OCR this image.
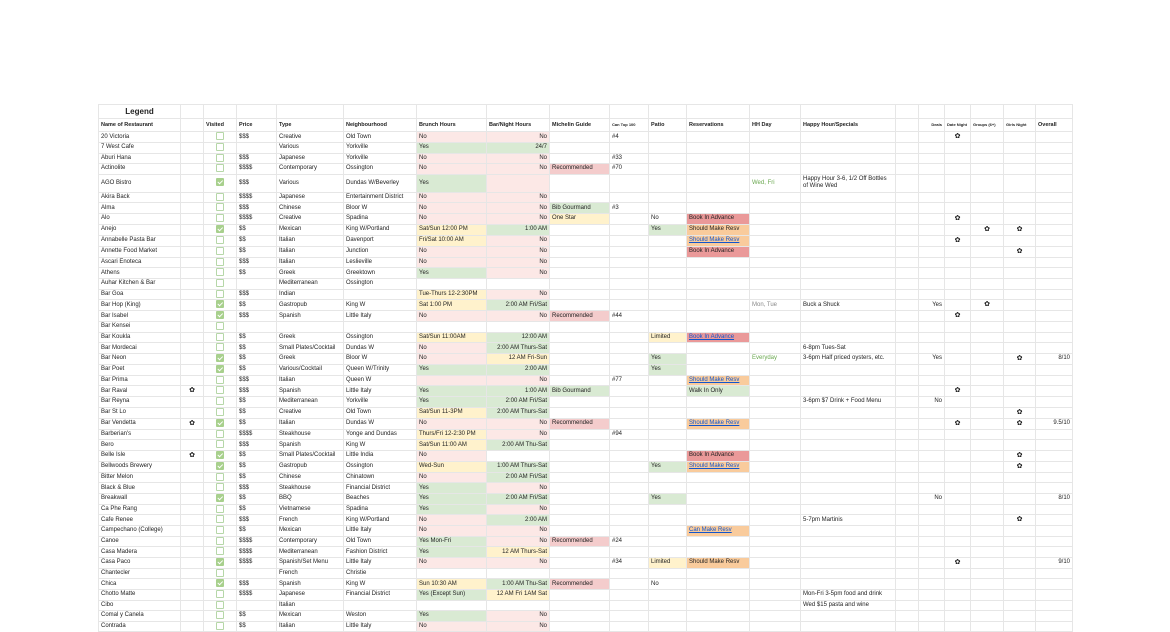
Legend																			
Name of Restaurant		Visited	Price	Type	Neighbourhood	Brunch Hours	Bar/Night Hours	Michelin Guide	Can Top 100	Patio	Reservations	HH Day	Happy Hour/Specials		Deals	Date Night	Groups (6+)	Girls Night	Overall
20 Victoria			$$$	Creative	Old Town	No	No		#4							✿			
7 West Cafe				Various	Yorkville	Yes	24/7												
Aburi Hana			$$$	Japanese	Yorkville	No	No		#33										
Actinolite			$$$$	Contemporary	Ossington	No	No	Recommended	#70										
AGO Bistro			$$$	Various	Dundas W/Beverley	Yes						Wed, Fri	Happy Hour 3-6, 1/2 Off Bottles of Wine Wed						
Akira Back			$$$$	Japanese	Entertainment District	No	No												
Alma			$$$	Chinese	Bloor W	No	No	Bib Gourmand	#3										
Alo			$$$$	Creative	Spadina	No	No	One Star		No	Book In Advance					✿			
Anejo			$$	Mexican	King W/Portland	Sat/Sun 12:00 PM	1:00 AM			Yes	Should Make Resv						✿	✿	
Annabelle Pasta Bar			$$	Italian	Davenport	Fri/Sat 10:00 AM	No				Should Make Resv					✿			
Annette Food Market			$$	Italian	Junction	No	No				Book In Advance							✿	
Ascari Enoteca			$$$	Italian	Leslieville	No	No												
Athens			$$	Greek	Greektown	Yes	No												
Auhar Kitchen & Bar				Mediterranean	Ossington														
Bar Goa			$$$	Indian		Tue-Thurs 12-2:30PM	No												
Bar Hop (King)			$$	Gastropub	King W	Sat 1:00 PM	2:00 AM Fri/Sat					Mon, Tue	Buck a Shuck		Yes		✿		
Bar Isabel			$$$	Spanish	Little Italy	No	No	Recommended	#44							✿			
Bar Kensei																			
Bar Koukla			$$	Greek	Ossington	Sat/Sun 11:00AM	12:00 AM			Limited	Book In Advance								
Bar Mordecai			$$	Small Plates/Cocktail	Dundas W	No	2:00 AM Thurs-Sat						6-8pm Tues-Sat						
Bar Neon			$$	Greek	Bloor W	No	12 AM Fri-Sun			Yes		Everyday	3-6pm Half priced oysters, etc.		Yes			✿	8/10
Bar Poet			$$	Various/Cocktail	Queen W/Trinity	Yes	2:00 AM			Yes									
Bar Prima			$$$	Italian	Queen W		No		#77		Should Make Resv								
Bar Raval	✿		$$$	Spanish	Little Italy	Yes	1:00 AM	Bib Gourmand			Walk In Only					✿			
Bar Reyna			$$	Mediterranean	Yorkville	Yes	2:00 AM Fri/Sat						3-6pm $7 Drink + Food Menu		No				
Bar St Lo			$$	Creative	Old Town	Sat/Sun 11-3PM	2:00 AM Thurs-Sat											✿	
Bar Vendetta	✿		$$	Italian	Dundas W	No	No	Recommended			Should Make Resv					✿		✿	9.5/10
Barberian's			$$$$	Steakhouse	Yonge and Dundas	Thurs/Fri 12-2:30 PM	No		#94										
Bero			$$$	Spanish	King W	Sat/Sun 11:00 AM	2:00 AM Thu-Sat												
Belle Isle	✿		$$	Small Plates/Cocktail	Little India	No					Book In Advance							✿	
Bellwoods Brewery			$$	Gastropub	Ossington	Wed-Sun	1:00 AM Thurs-Sat			Yes	Should Make Resv							✿	
Bitter Melon			$$	Chinese	Chinatown	No	2:00 AM Fri/Sat												
Black & Blue			$$$	Steakhouse	Financial District	Yes	No												
Breakwall			$$	BBQ	Beaches	Yes	2:00 AM Fri/Sat			Yes					No				8/10
Ca Phe Rang			$$	Vietnamese	Spadina	Yes	No												
Cafe Renee			$$$	French	King W/Portland	No	2:00 AM						5-7pm Martinis					✿	
Campechano (College)			$$	Mexican	Little Italy	No	No				Can Make Resv								
Canoe			$$$$	Contemporary	Old Town	Yes Mon-Fri	No	Recommended	#24										
Casa Madera			$$$$	Mediterranean	Fashion District	Yes	12 AM Thurs-Sat												
Casa Paco			$$$$	Spanish/Set Menu	Little Italy	No	No		#34	Limited	Should Make Resv					✿			9/10
Chantecler				French	Christie														
Chica			$$$	Spanish	King W	Sun 10:30 AM	1:00 AM Thu-Sat	Recommended		No									
Chotto Matte			$$$$	Japanese	Financial District	Yes (Except Sun)	12 AM Fri 1AM Sat						Mon-Fri 3-5pm food and drink						
Cibo				Italian									Wed $15 pasta and wine						
Comal y Canela			$$	Mexican	Weston	Yes	No												
Contrada			$$	Italian	Little Italy	No	No												
